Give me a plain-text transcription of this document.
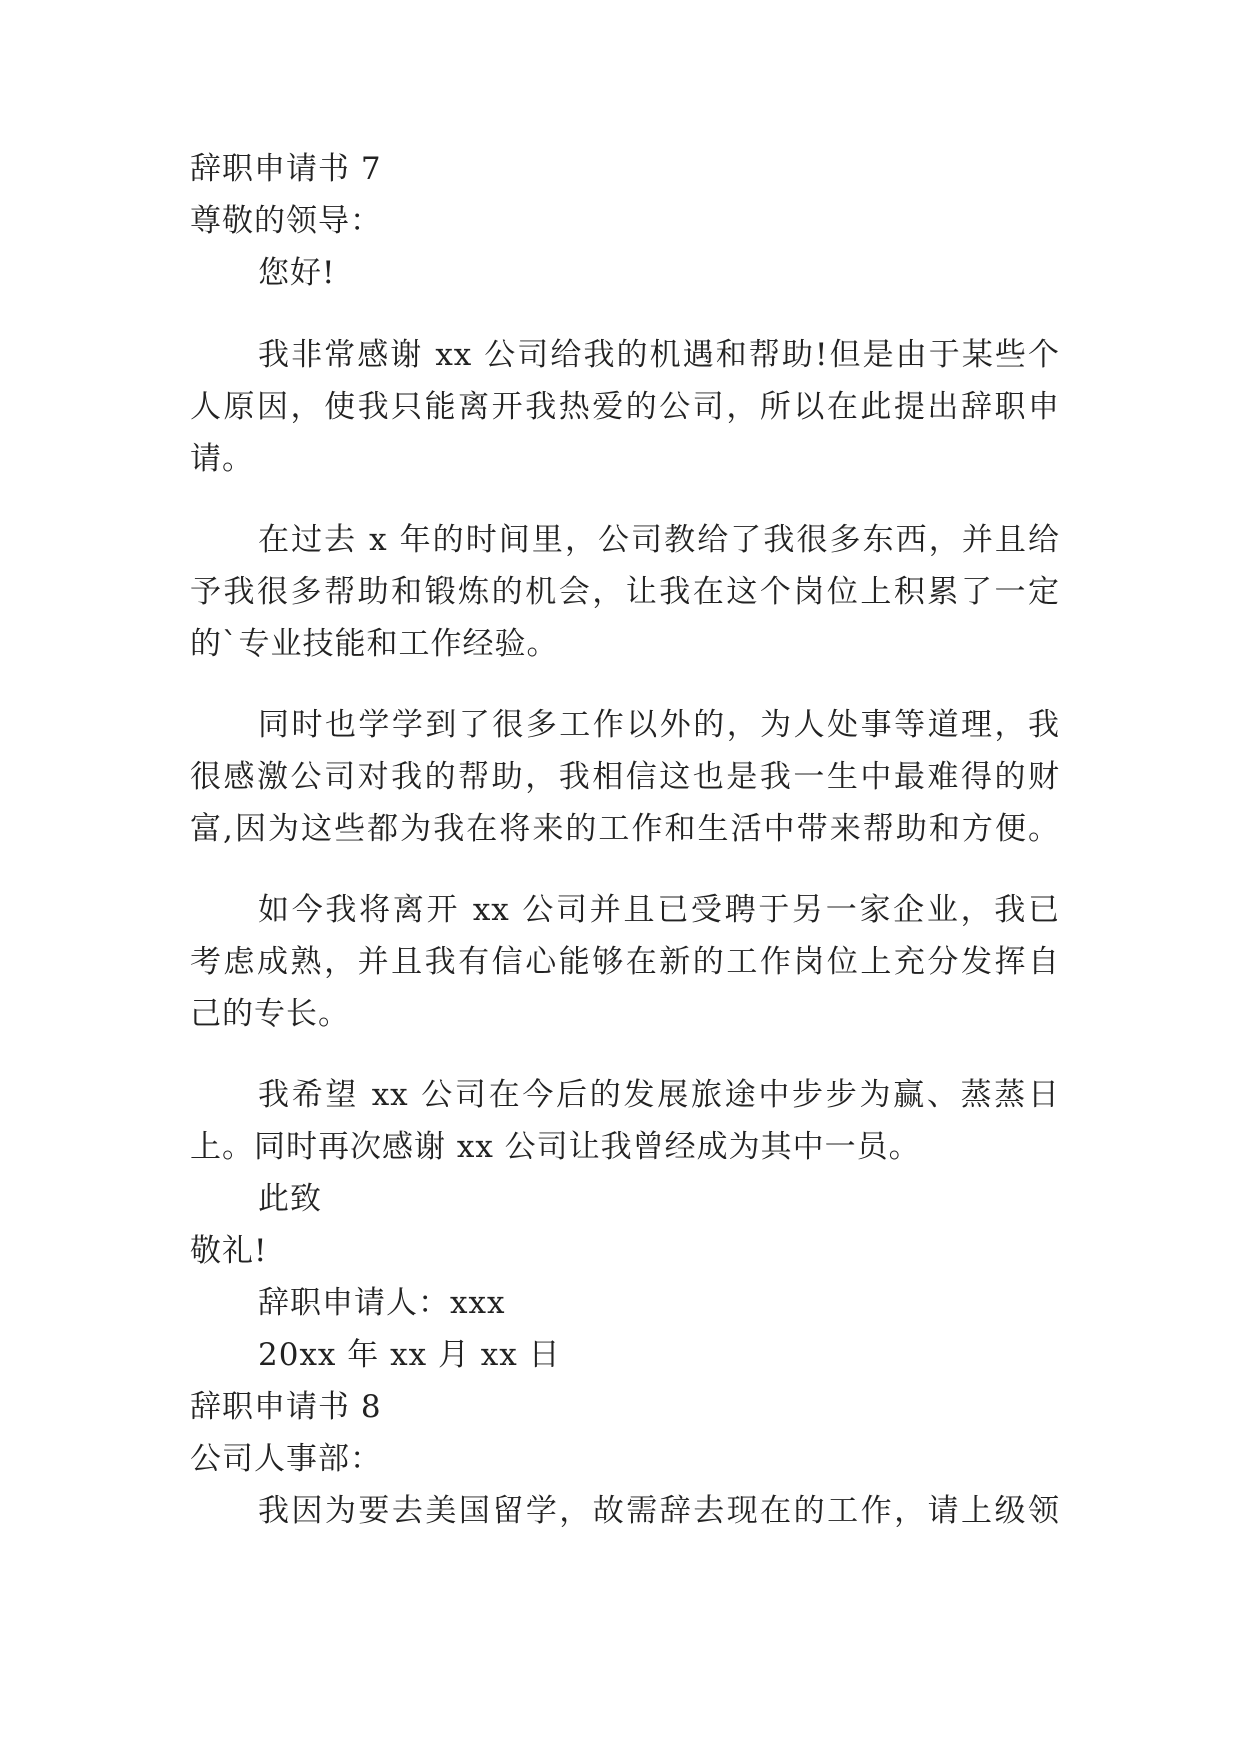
辞职申请书 7
尊敬的领导：
您好!
我非常感谢 xx 公司给我的机遇和帮助!但是由于某些个
人原因，使我只能离开我热爱的公司，所以在此提出辞职申
请。
在过去 x 年的时间里，公司教给了我很多东西，并且给
予我很多帮助和锻炼的机会，让我在这个岗位上积累了一定
的`专业技能和工作经验。
同时也学学到了很多工作以外的，为人处事等道理，我
很感激公司对我的帮助，我相信这也是我一生中最难得的财
富,因为这些都为我在将来的工作和生活中带来帮助和方便。
如今我将离开 xx 公司并且已受聘于另一家企业，我已
考虑成熟，并且我有信心能够在新的工作岗位上充分发挥自
己的专长。
我希望 xx 公司在今后的发展旅途中步步为赢、蒸蒸日
上。同时再次感谢 xx 公司让我曾经成为其中一员。
此致
敬礼!
辞职申请人：xxx
20xx 年 xx 月 xx 日
辞职申请书 8
公司人事部：
我因为要去美国留学，故需辞去现在的工作，请上级领
